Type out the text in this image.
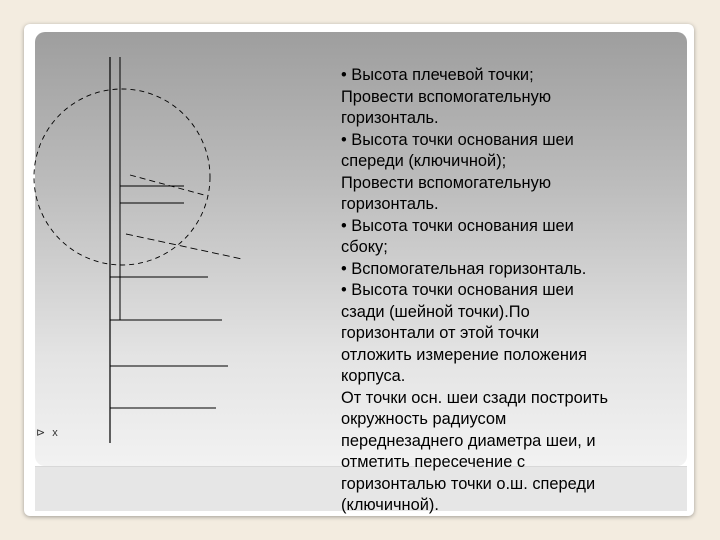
⊳ x

• Высота плечевой точки;

Провести вспомогательную

горизонталь.

• Высота точки основания шеи

спереди (ключичной);

Провести вспомогательную

горизонталь.

• Высота точки основания шеи

сбоку;

• Вспомогательная горизонталь.

• Высота точки основания шеи

сзади (шейной точки).По

горизонтали от этой точки

отложить измерение положения

корпуса.

От точки осн. шеи сзади построить

окружность радиусом

переднезаднего диаметра шеи, и

отметить пересечение с

горизонталью точки о.ш. спереди

(ключичной).
